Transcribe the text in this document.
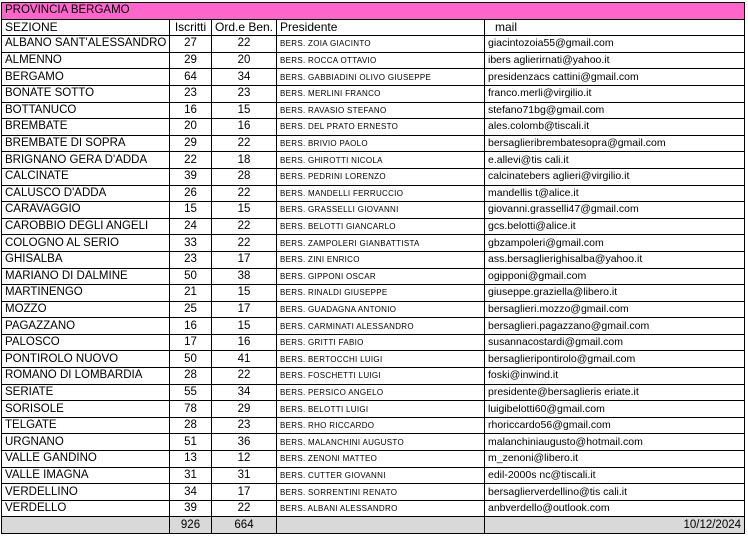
PROVINCIA BERGAMO				
SEZIONE	Iscritti	Ord.e Ben.	Presidente	mail
ALBANO SANT'ALESSANDRO	27	22	BERS. ZOIA GIACINTO	giacintozoia55@gmail.com
ALMENNO	29	20	BERS. ROCCA OTTAVIO	ibers aglierirnati@yahoo.it
BERGAMO	64	34	BERS. GABBIADINI OLIVO GIUSEPPE	presidenzacs cattini@gmail.com
BONATE SOTTO	23	23	BERS. MERLINI FRANCO	franco.merli@virgilio.it
BOTTANUCO	16	15	BERS. RAVASIO STEFANO	stefano71bg@gmail.com
BREMBATE	20	16	BERS. DEL PRATO ERNESTO	ales.colomb@tiscali.it
BREMBATE DI SOPRA	29	22	BERS. BRIVIO PAOLO	bersaglieribrembatesopra@gmail.com
BRIGNANO GERA D'ADDA	22	18	BERS. GHIROTTI NICOLA	e.allevi@tis cali.it
CALCINATE	39	28	BERS. PEDRINI LORENZO	calcinatebers aglieri@virgilio.it
CALUSCO D'ADDA	26	22	BERS. MANDELLI FERRUCCIO	mandellis t@alice.it
CARAVAGGIO	15	15	BERS. GRASSELLI GIOVANNI	giovanni.grasselli47@gmail.com
CAROBBIO DEGLI ANGELI	24	22	BERS. BELOTTI GIANCARLO	gcs.belotti@alice.it
COLOGNO AL SERIO	33	22	BERS. ZAMPOLERI GIANBATTISTA	gbzampoleri@gmail.com
GHISALBA	23	17	BERS. ZINI ENRICO	ass.bersaglierighisalba@yahoo.it
MARIANO DI DALMINE	50	38	BERS. GIPPONI OSCAR	ogipponi@gmail.com
MARTINENGO	21	15	BERS. RINALDI GIUSEPPE	giuseppe.graziella@libero.it
MOZZO	25	17	BERS. GUADAGNA ANTONIO	bersaglieri.mozzo@gmail.com
PAGAZZANO	16	15	BERS. CARMINATI ALESSANDRO	bersaglieri.pagazzano@gmail.com
PALOSCO	17	16	BERS. GRITTI FABIO	susannacostardi@gmail.com
PONTIROLO NUOVO	50	41	BERS. BERTOCCHI LUIGI	bersaglieripontirolo@gmail.com
ROMANO DI LOMBARDIA	28	22	BERS. FOSCHETTI LUIGI	foski@inwind.it
SERIATE	55	34	BERS. PERSICO ANGELO	presidente@bersaglieris eriate.it
SORISOLE	78	29	BERS. BELOTTI LUIGI	luigibelotti60@gmail.com
TELGATE	28	23	BERS. RHO RICCARDO	rhoriccardo56@gmail.com
URGNANO	51	36	BERS. MALANCHINI AUGUSTO	malanchiniaugusto@hotmail.com
VALLE GANDINO	13	12	BERS. ZENONI MATTEO	m_zenoni@libero.it
VALLE IMAGNA	31	31	BERS. CUTTER GIOVANNI	edil-2000s nc@tiscali.it
VERDELLINO	34	17	BERS. SORRENTINI RENATO	bersaglierverdellino@tis cali.it
VERDELLO	39	22	BERS. ALBANI ALESSANDRO	anbverdello@outlook.com
	926	664		10/12/2024
